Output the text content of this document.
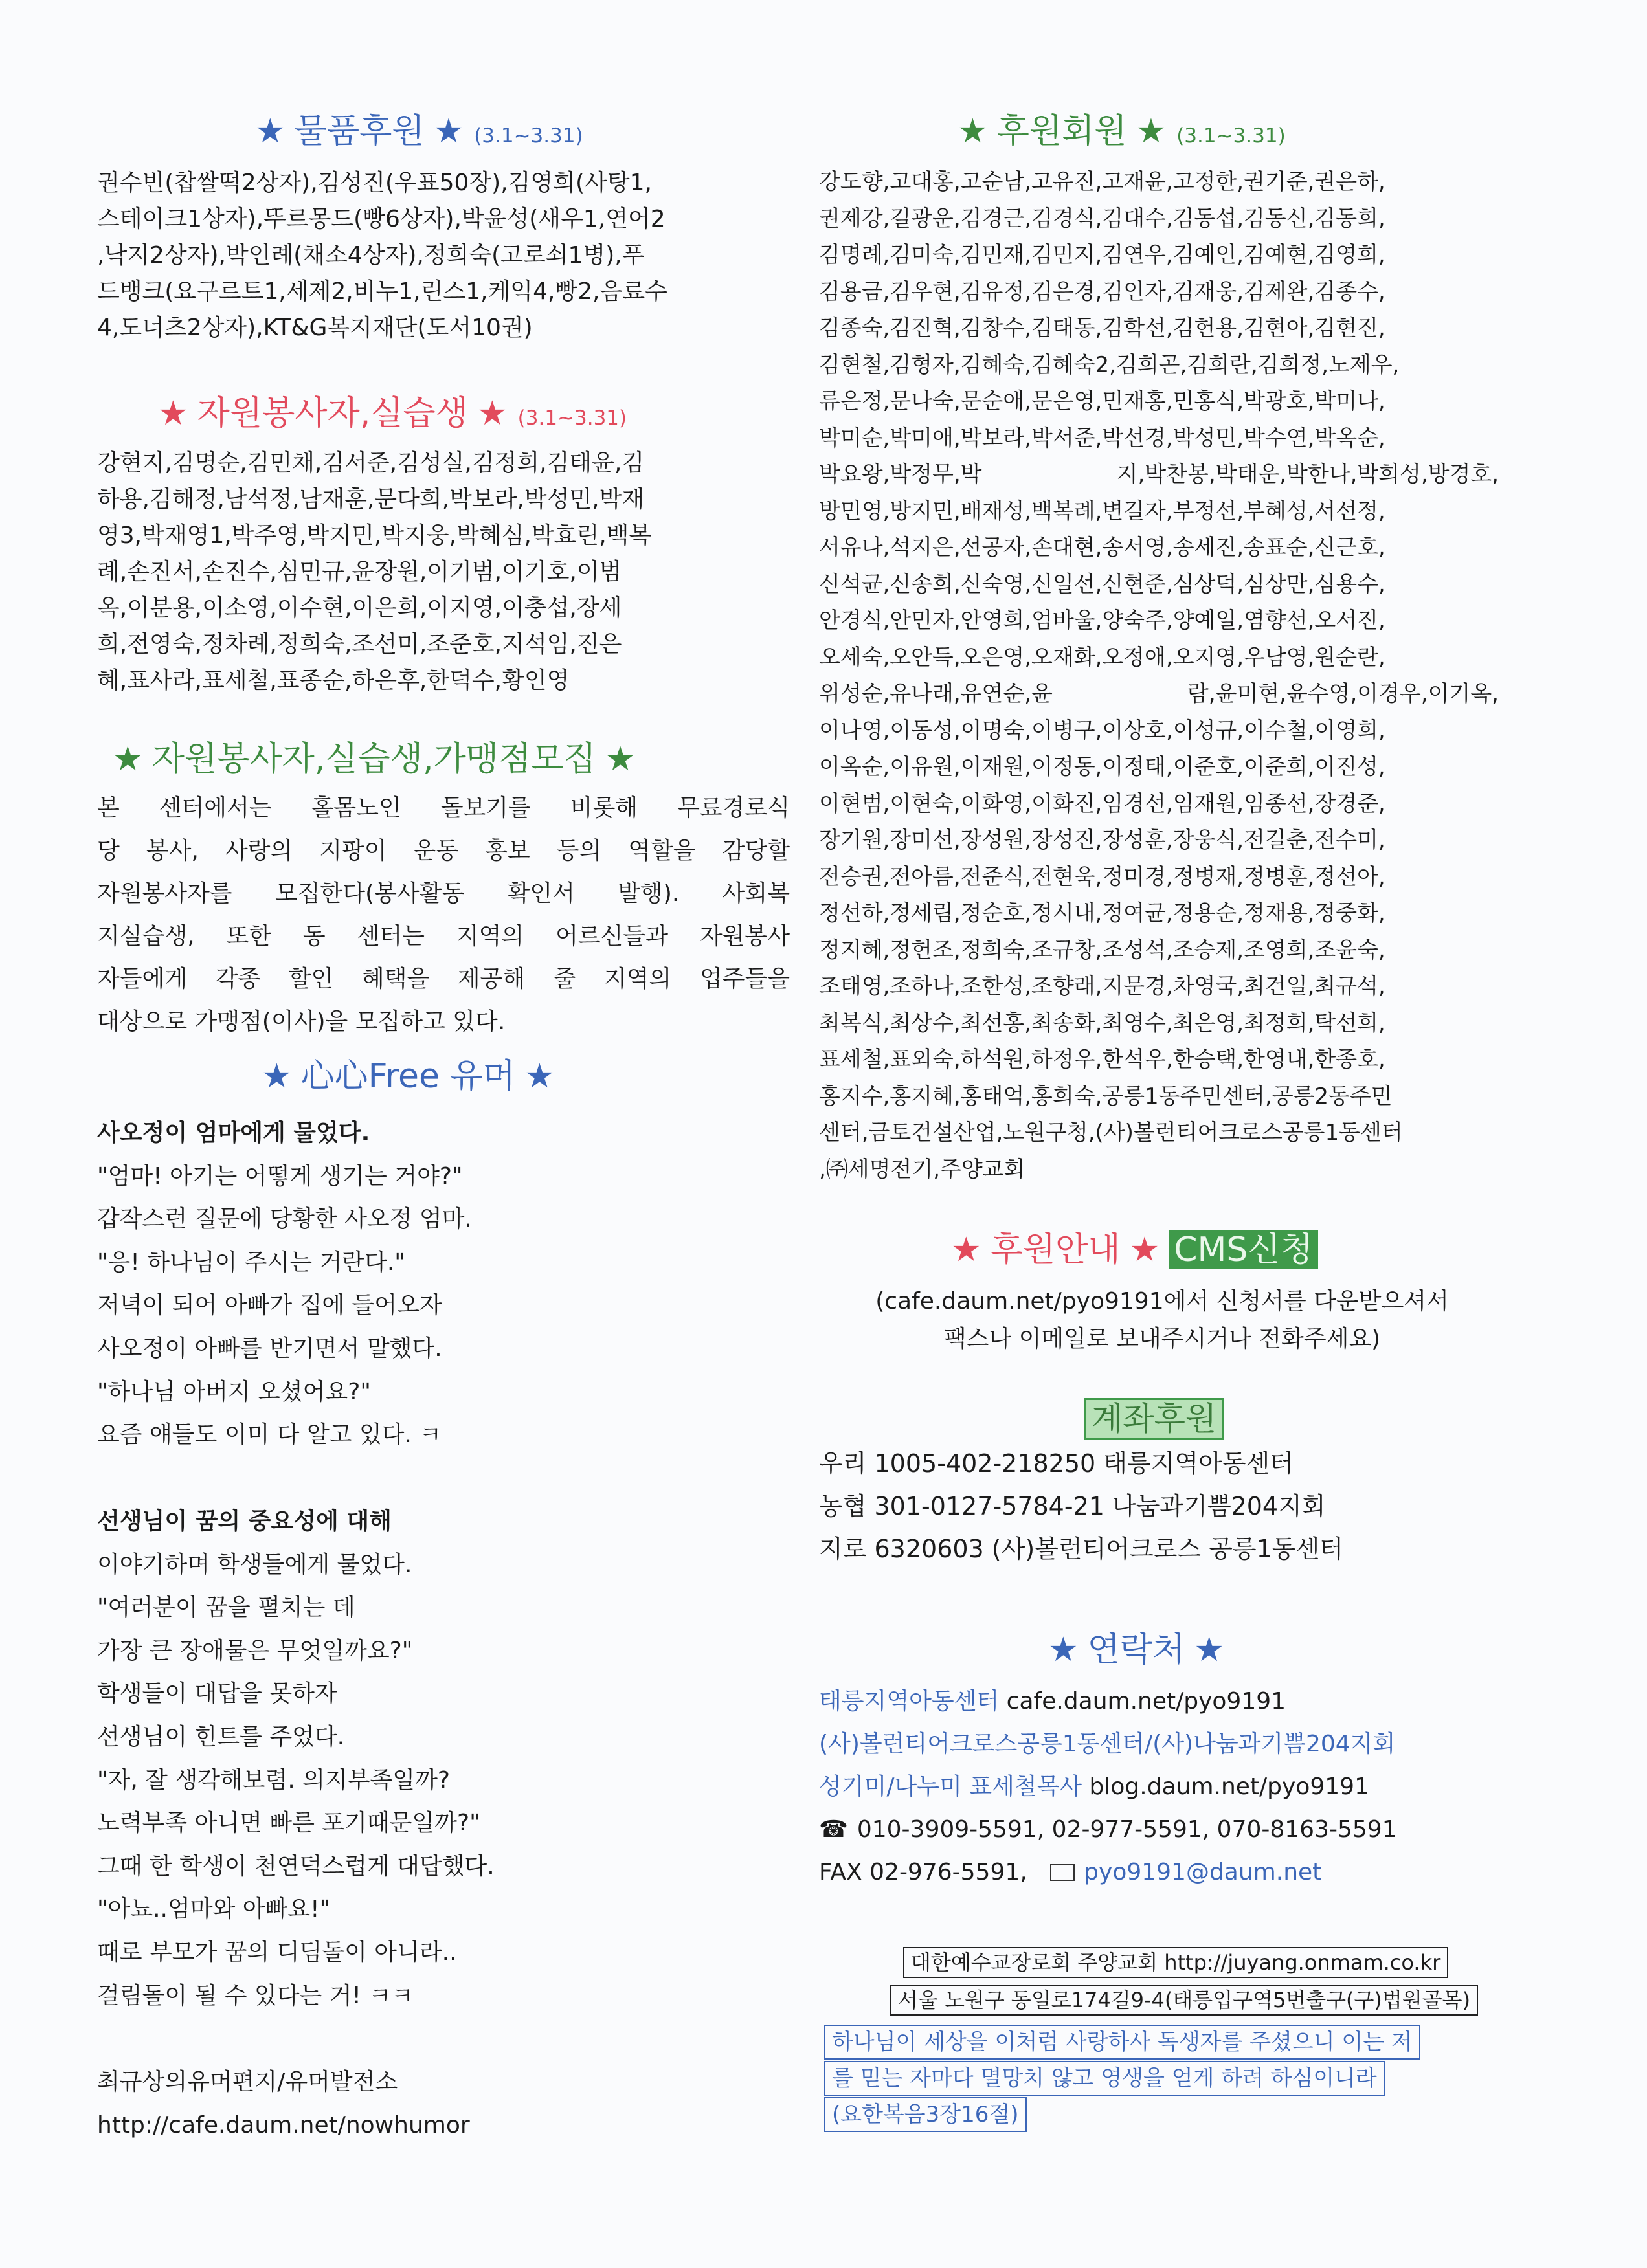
★ 물품후원 ★ (3.1~3.31)
권수빈(찹쌀떡2상자),김성진(우표50장),김영희(사탕1,
스테이크1상자),뚜르몽드(빵6상자),박윤성(새우1,연어2
,낙지2상자),박인례(채소4상자),정희숙(고로쇠1병),푸
드뱅크(요구르트1,세제2,비누1,린스1,케익4,빵2,음료수
4,도너츠2상자),KT&G복지재단(도서10권)
★ 자원봉사자,실습생 ★ (3.1~3.31)
강현지,김명순,김민채,김서준,김성실,김정희,김태윤,김
하용,김해정,남석정,남재훈,문다희,박보라,박성민,박재
영3,박재영1,박주영,박지민,박지웅,박혜심,박효린,백복
례,손진서,손진수,심민규,윤장원,이기범,이기호,이범
옥,이분용,이소영,이수현,이은희,이지영,이충섭,장세
희,전영숙,정차례,정희숙,조선미,조준호,지석임,진은
혜,표사라,표세철,표종순,하은후,한덕수,황인영
★ 자원봉사자,실습생,가맹점모집 ★
본 센터에서는 홀몸노인 돌보기를 비롯해 무료경로식
당 봉사, 사랑의 지팡이 운동 홍보 등의 역할을 감당할
자원봉사자를 모집한다(봉사활동 확인서 발행). 사회복
지실습생, 또한 동 센터는 지역의 어르신들과 자원봉사
자들에게 각종 할인 혜택을 제공해 줄 지역의 업주들을
대상으로 가맹점(이사)을 모집하고 있다.
★ 心心Free 유머 ★
사오정이 엄마에게 물었다.
"엄마! 아기는 어떻게 생기는 거야?"
갑작스런 질문에 당황한 사오정 엄마.
"응! 하나님이 주시는 거란다."
저녁이 되어 아빠가 집에 들어오자
사오정이 아빠를 반기면서 말했다.
"하나님 아버지 오셨어요?"
요즘 얘들도 이미 다 알고 있다. ㅋ
선생님이 꿈의 중요성에 대해
이야기하며 학생들에게 물었다.
"여러분이 꿈을 펼치는 데
가장 큰 장애물은 무엇일까요?"
학생들이 대답을 못하자
선생님이 힌트를 주었다.
"자, 잘 생각해보렴. 의지부족일까?
노력부족 아니면 빠른 포기때문일까?"
그때 한 학생이 천연덕스럽게 대답했다.
"아뇨..엄마와 아빠요!"
때로 부모가 꿈의 디딤돌이 아니라..
걸림돌이 될 수 있다는 거! ㅋㅋ
최규상의유머편지/유머발전소
http://cafe.daum.net/nowhumor
★ 후원회원 ★ (3.1~3.31)
강도향,고대홍,고순남,고유진,고재윤,고정한,권기준,권은하,
권제강,길광운,김경근,김경식,김대수,김동섭,김동신,김동희,
김명례,김미숙,김민재,김민지,김연우,김예인,김예현,김영희,
김용금,김우현,김유정,김은경,김인자,김재웅,김제완,김종수,
김종숙,김진혁,김창수,김태동,김학선,김헌용,김현아,김현진,
김현철,김형자,김혜숙,김혜숙2,김희곤,김희란,김희정,노제우,
류은정,문나숙,문순애,문은영,민재홍,민홍식,박광호,박미나,
박미순,박미애,박보라,박서준,박선경,박성민,박수연,박옥순,
박요왕,박정무,박 지,박찬봉,박태운,박한나,박희성,방경호,
방민영,방지민,배재성,백복례,변길자,부정선,부혜성,서선정,
서유나,석지은,선공자,손대현,송서영,송세진,송표순,신근호,
신석균,신송희,신숙영,신일선,신현준,심상덕,심상만,심용수,
안경식,안민자,안영희,엄바울,양숙주,양예일,염향선,오서진,
오세숙,오안득,오은영,오재화,오정애,오지영,우남영,원순란,
위성순,유나래,유연순,윤 람,윤미현,윤수영,이경우,이기옥,
이나영,이동성,이명숙,이병구,이상호,이성규,이수철,이영희,
이옥순,이유원,이재원,이정동,이정태,이준호,이준희,이진성,
이현범,이현숙,이화영,이화진,임경선,임재원,임종선,장경준,
장기원,장미선,장성원,장성진,장성훈,장웅식,전길춘,전수미,
전승권,전아름,전준식,전현욱,정미경,정병재,정병훈,정선아,
정선하,정세림,정순호,정시내,정여균,정용순,정재용,정중화,
정지혜,정헌조,정희숙,조규창,조성석,조승제,조영희,조윤숙,
조태영,조하나,조한성,조향래,지문경,차영국,최건일,최규석,
최복식,최상수,최선홍,최송화,최영수,최은영,최정희,탁선희,
표세철,표외숙,하석원,하정우,한석우,한승택,한영내,한종호,
홍지수,홍지혜,홍태억,홍희숙,공릉1동주민센터,공릉2동주민
센터,금토건설산업,노원구청,(사)볼런티어크로스공릉1동센터
,㈜세명전기,주양교회
★ 후원안내 ★ CMS신청
(cafe.daum.net/pyo9191에서 신청서를 다운받으셔서
팩스나 이메일로 보내주시거나 전화주세요)
계좌후원
우리 1005-402-218250 태릉지역아동센터
농협 301-0127-5784-21 나눔과기쁨204지회
지로 6320603 (사)볼런티어크로스 공릉1동센터
★ 연락처 ★
태릉지역아동센터 cafe.daum.net/pyo9191
(사)볼런티어크로스공릉1동센터/(사)나눔과기쁨204지회
성기미/나누미 표세철목사 blog.daum.net/pyo9191
☎ 010-3909-5591, 02-977-5591, 070-8163-5591
FAX 02-976-5591, pyo9191@daum.net
대한예수교장로회 주양교회 http://juyang.onmam.co.kr
서울 노원구 동일로174길9-4(태릉입구역5번출구(구)법원골목)
하나님이 세상을 이처럼 사랑하사 독생자를 주셨으니 이는 저
를 믿는 자마다 멸망치 않고 영생을 얻게 하려 하심이니라
(요한복음3장16절)
